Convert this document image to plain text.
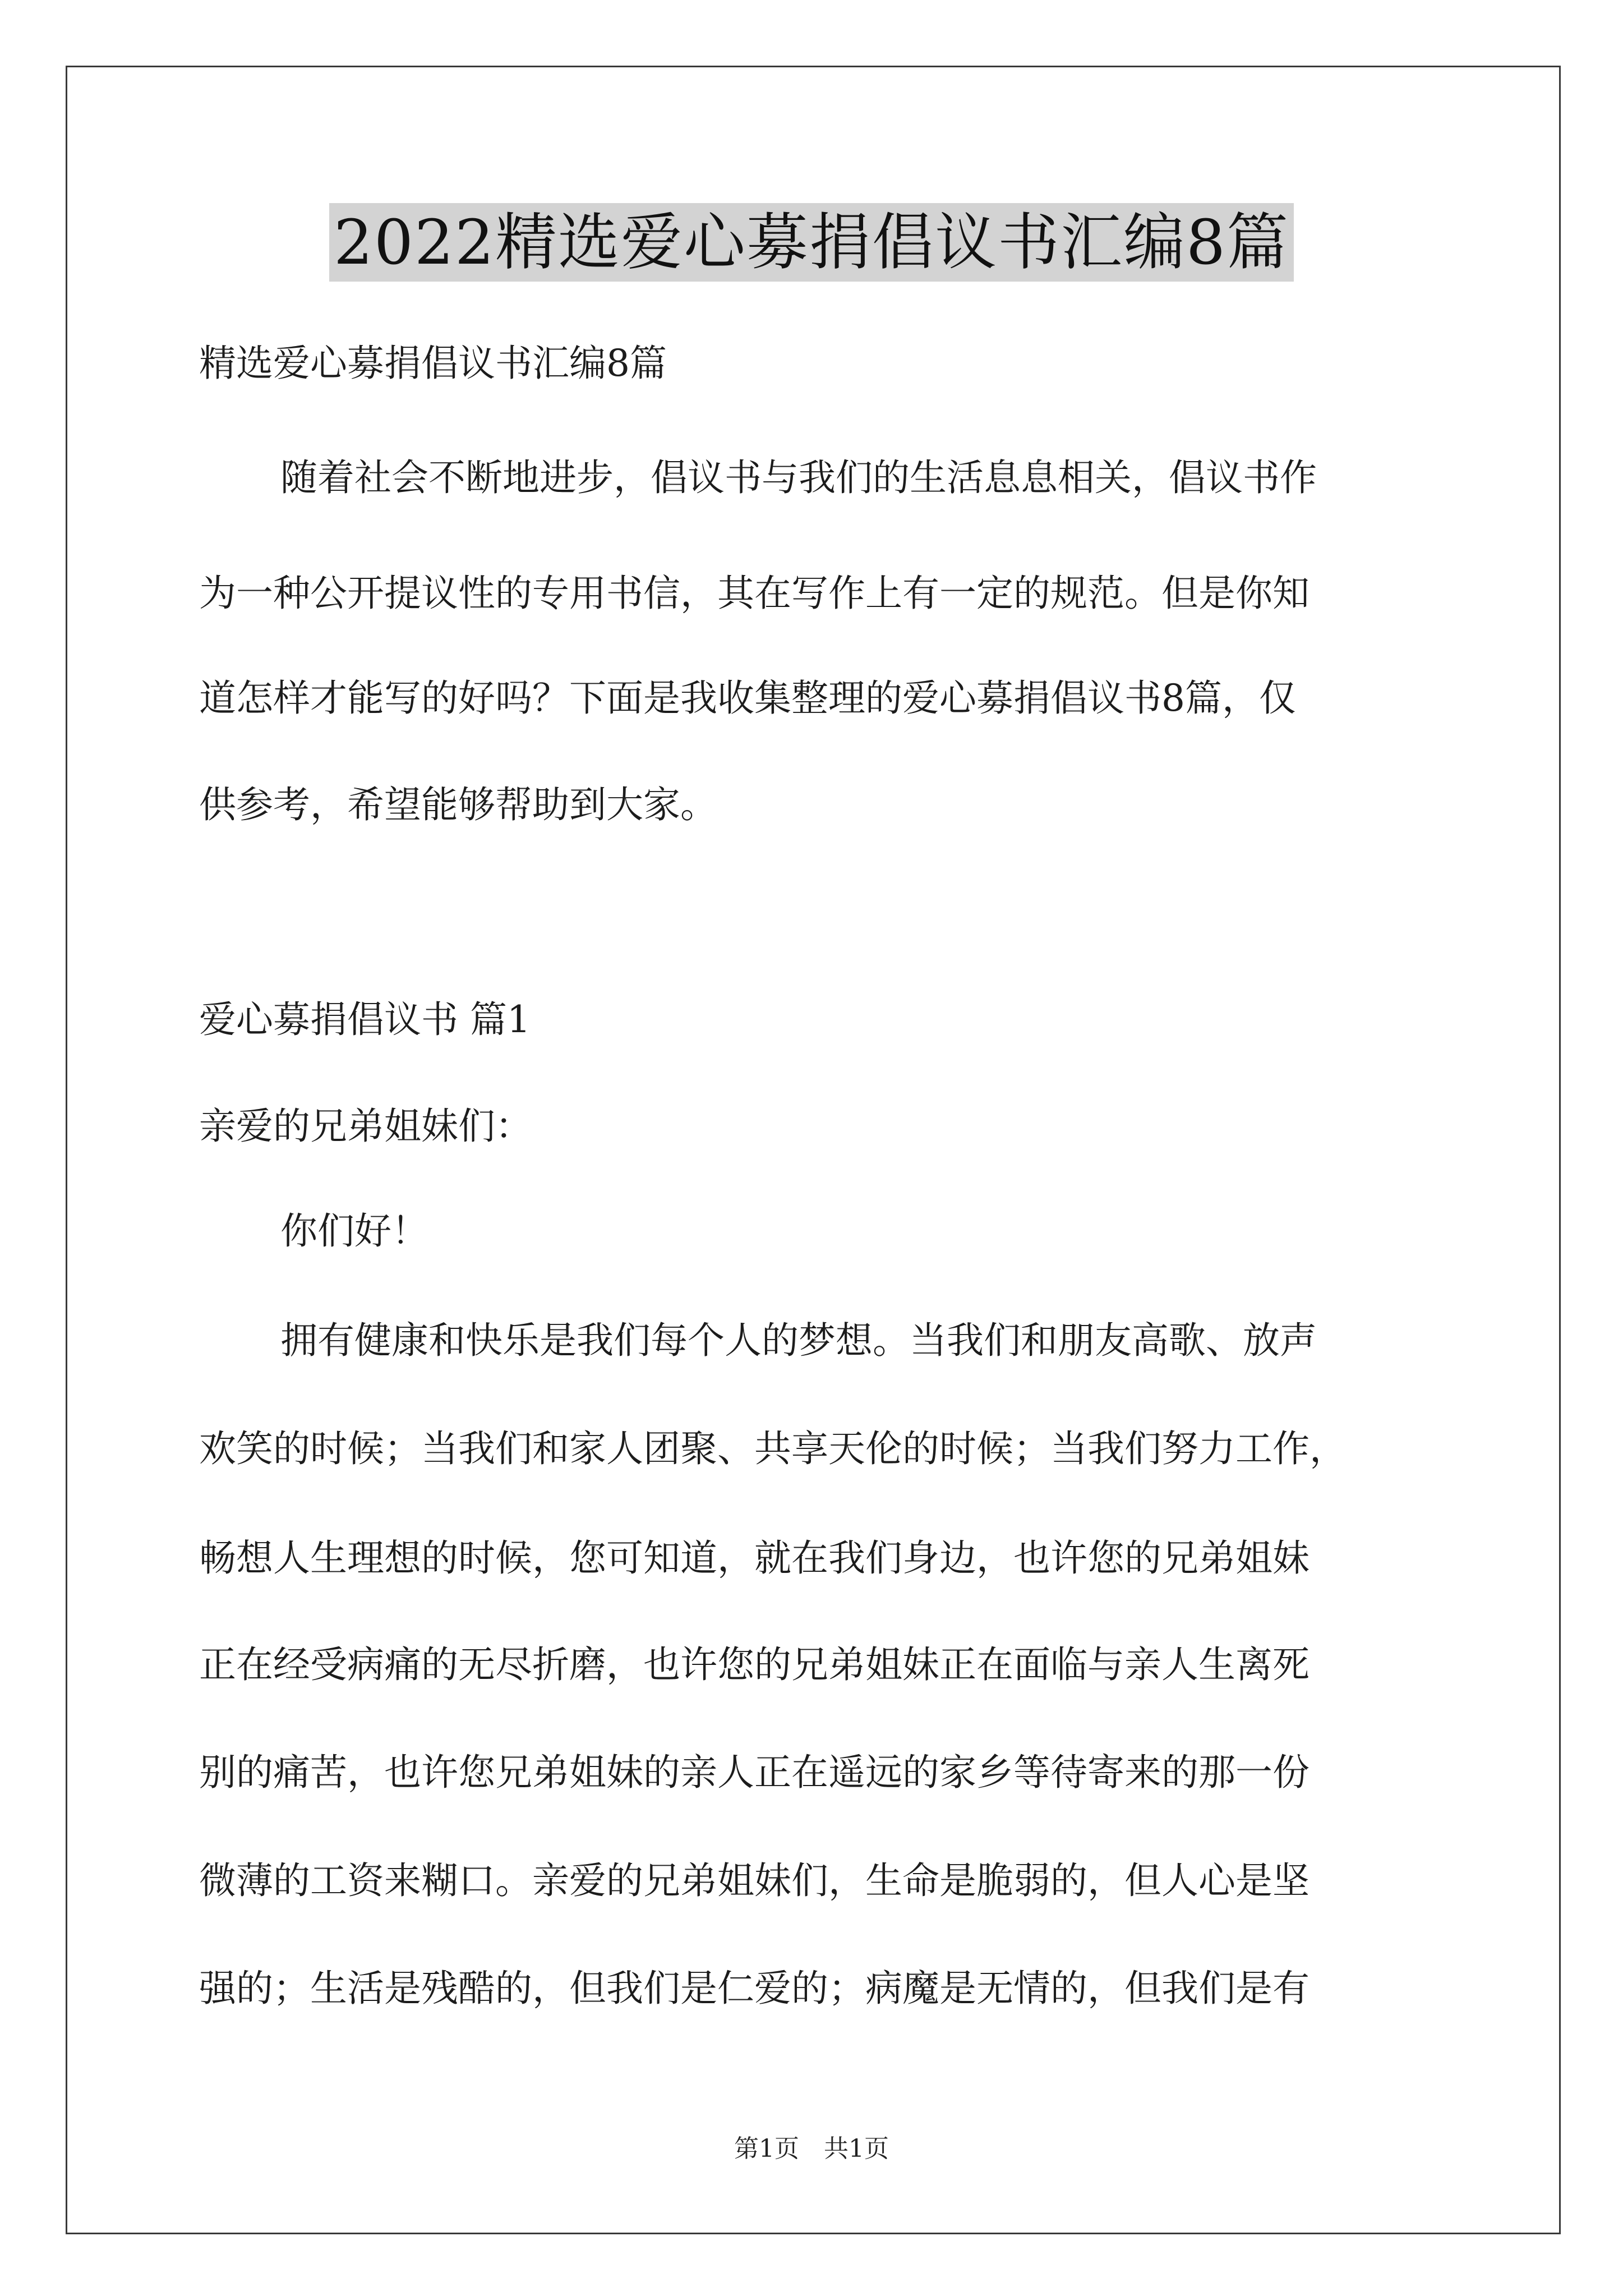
2022精选爱心募捐倡议书汇编8篇
精选爱心募捐倡议书汇编8篇
随着社会不断地进步，倡议书与我们的生活息息相关，倡议书作
为一种公开提议性的专用书信，其在写作上有一定的规范。但是你知
道怎样才能写的好吗？下面是我收集整理的爱心募捐倡议书8篇，仅
供参考，希望能够帮助到大家。
爱心募捐倡议书 篇1
亲爱的兄弟姐妹们：
你们好！
拥有健康和快乐是我们每个人的梦想。当我们和朋友高歌、放声
欢笑的时候；当我们和家人团聚、共享天伦的时候；当我们努力工作，
畅想人生理想的时候，您可知道，就在我们身边，也许您的兄弟姐妹
正在经受病痛的无尽折磨，也许您的兄弟姐妹正在面临与亲人生离死
别的痛苦，也许您兄弟姐妹的亲人正在遥远的家乡等待寄来的那一份
微薄的工资来糊口。亲爱的兄弟姐妹们，生命是脆弱的，但人心是坚
强的；生活是残酷的，但我们是仁爱的；病魔是无情的，但我们是有
第1页　共1页
